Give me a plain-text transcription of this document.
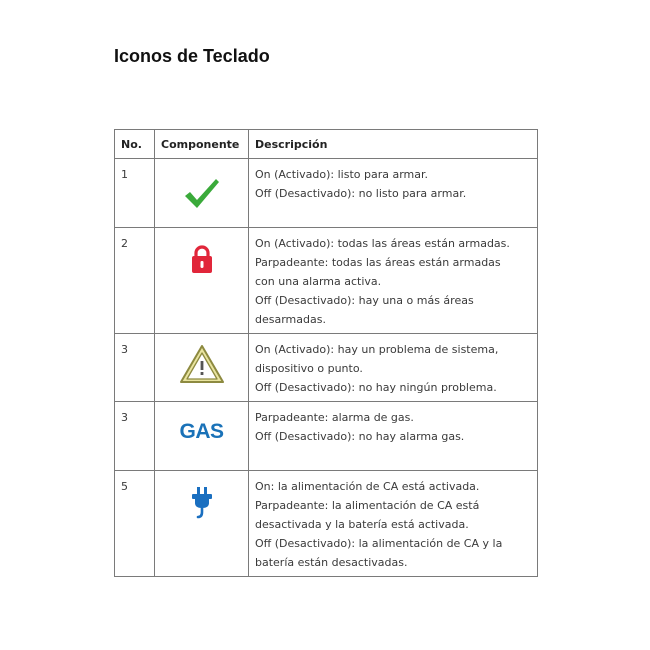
Iconos de Teclado
No.	Componente	Descripción
1		On (Activado): listo para armar.
Off (Desactivado): no listo para armar.

2		On (Activado): todas las áreas están armadas.
Parpadeante: todas las áreas están armadas
con una alarma activa.
Off (Desactivado): hay una o más áreas
desarmadas.

3		On (Activado): hay un problema de sistema,
dispositivo o punto.
Off (Desactivado): no hay ningún problema.

3	GAS	Parpadeante: alarma de gas.
Off (Desactivado): no hay alarma gas.

5		On: la alimentación de CA está activada.
Parpadeante: la alimentación de CA está
desactivada y la batería está activada.
Off (Desactivado): la alimentación de CA y la
batería están desactivadas.
